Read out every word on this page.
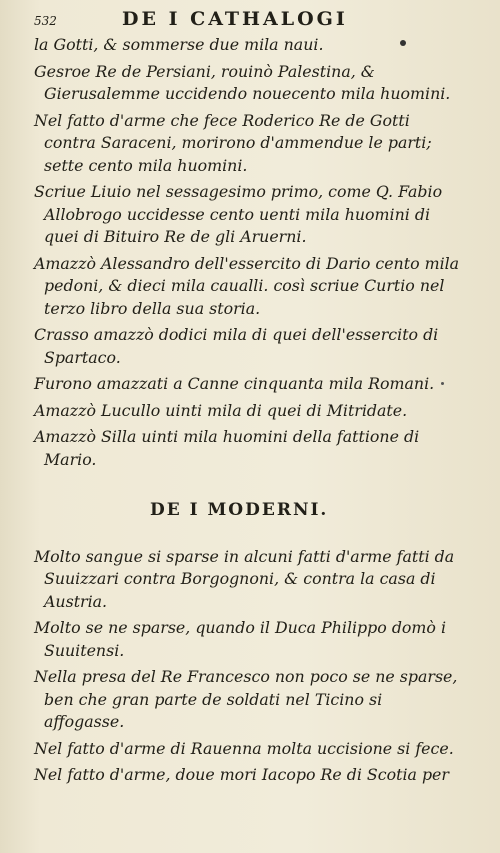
532	DE I CATHALOGI

la Gotti, & sommerse due mila naui.

Gesroe Re de Persiani, rouinò Palestina, & Gierusalemme uccidendo nouecento mila huomini.

Nel fatto d'arme che fece Roderico Re de Gotti contra Saraceni, morirono d'ammendue le parti; sette cento mila huomini.

Scriue Liuio nel sessagesimo primo, come Q. Fabio Allobrogo uccidesse cento uenti mila huomini di quei di Bituiro Re de gli Aruerni.

Amazzò Alessandro dell'essercito di Dario cento mila pedoni, & dieci mila caualli. così scriue Curtio nel terzo libro della sua storia.

Crasso amazzò dodici mila di quei dell'essercito di Spartaco.

Furono amazzati a Canne cinquanta mila Romani.

Amazzò Lucullo uinti mila di quei di Mitridate.

Amazzò Silla uinti mila huomini della fattione di Mario.

DE I MODERNI.

Molto sangue si sparse in alcuni fatti d'arme fatti da Suuizzari contra Borgognoni, & contra la casa di Austria.

Molto se ne sparse, quando il Duca Philippo domò i Suuitensi.

Nella presa del Re Francesco non poco se ne sparse, ben che gran parte de soldati nel Ticino si affogasse.

Nel fatto d'arme di Rauenna molta uccisione si fece.

Nel fatto d'arme, doue mori Iacopo Re di Scotia per
